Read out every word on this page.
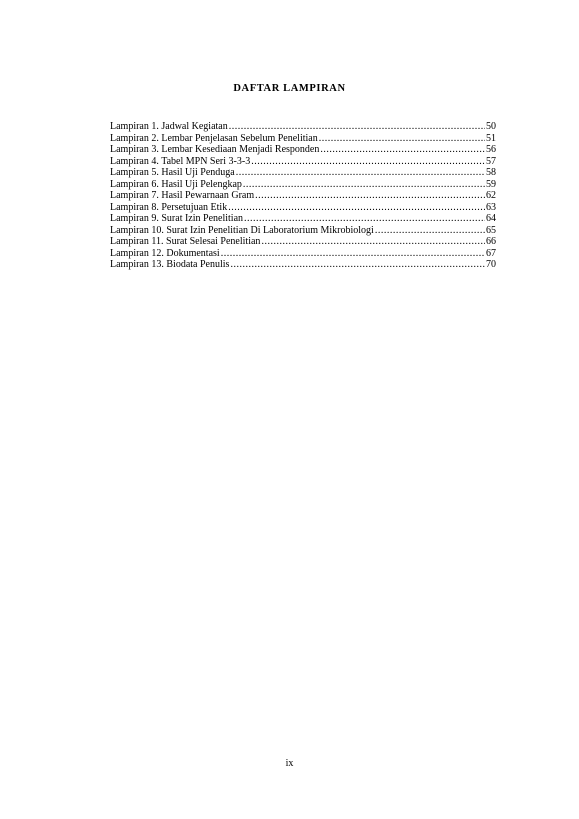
DAFTAR LAMPIRAN
Lampiran 1. Jadwal Kegiatan .....	50
Lampiran 2. Lembar Penjelasan Sebelum Penelitian .....	51
Lampiran 3. Lembar Kesediaan Menjadi Responden .....	56
Lampiran 4. Tabel MPN Seri 3-3-3 .....	57
Lampiran 5. Hasil Uji Penduga .....	58
Lampiran 6. Hasil Uji Pelengkap .....	59
Lampiran 7. Hasil Pewarnaan Gram .....	62
Lampiran 8. Persetujuan Etik .....	63
Lampiran 9. Surat Izin Penelitian .....	64
Lampiran 10. Surat Izin Penelitian Di Laboratorium Mikrobiologi .....	65
Lampiran 11. Surat Selesai Penelitian .....	66
Lampiran 12. Dokumentasi .....	67
Lampiran 13. Biodata Penulis .....	70
ix
